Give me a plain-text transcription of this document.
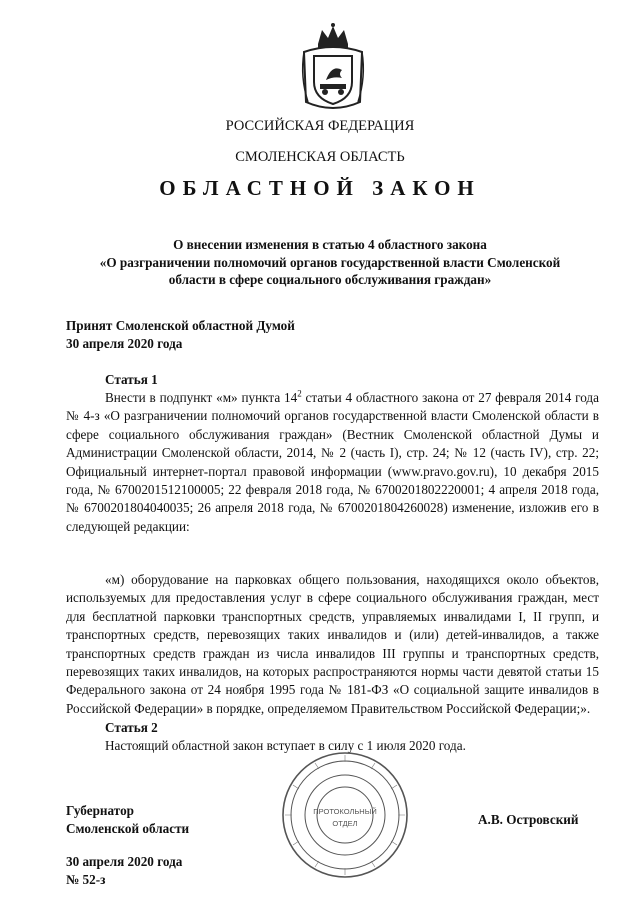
РОССИЙСКАЯ ФЕДЕРАЦИЯ
СМОЛЕНСКАЯ ОБЛАСТЬ
ОБЛАСТНОЙ ЗАКОН
О внесении изменения в статью 4 областного закона
«О разграничении полномочий органов государственной власти Смоленской
области в сфере социального обслуживания граждан»
Принят Смоленской областной Думой
30 апреля 2020 года
Статья 1

Внести в подпункт «м» пункта $14^2$ статьи 4 областного закона от 27 февраля 2014 года № 4-з «О разграничении полномочий органов государственной власти Смоленской области в сфере социального обслуживания граждан» (Вестник Смоленской областной Думы и Администрации Смоленской области, 2014, № 2 (часть I), стр. 24; № 12 (часть IV), стр. 22; Официальный интернет-портал правовой информации (www.pravo.gov.ru), 10 декабря 2015 года, № 6700201512100005; 22 февраля 2018 года, № 6700201802220001; 4 апреля 2018 года, № 6700201804040035; 26 апреля 2018 года, № 6700201804260028) изменение, изложив его в следующей редакции:

«м) оборудование на парковках общего пользования, находящихся около объектов, используемых для предоставления услуг в сфере социального обслуживания граждан, мест для бесплатной парковки транспортных средств, управляемых инвалидами I, II групп, и транспортных средств, перевозящих таких инвалидов и (или) детей-инвалидов, а также транспортных средств граждан из числа инвалидов III группы и транспортных средств, перевозящих таких инвалидов, на которых распространяются нормы части девятой статьи 15 Федерального закона от 24 ноября 1995 года № 181-ФЗ «О социальной защите инвалидов в Российской Федерации» в порядке, определяемом Правительством Российской Федерации;».

Статья 2

Настоящий областной закон вступает в силу с 1 июля 2020 года.

ПРОТОКОЛЬНЫЙ
ОТДЕЛ
Губернатор
Смоленской области
А.В. Островский
30 апреля 2020 года
№ 52-з
